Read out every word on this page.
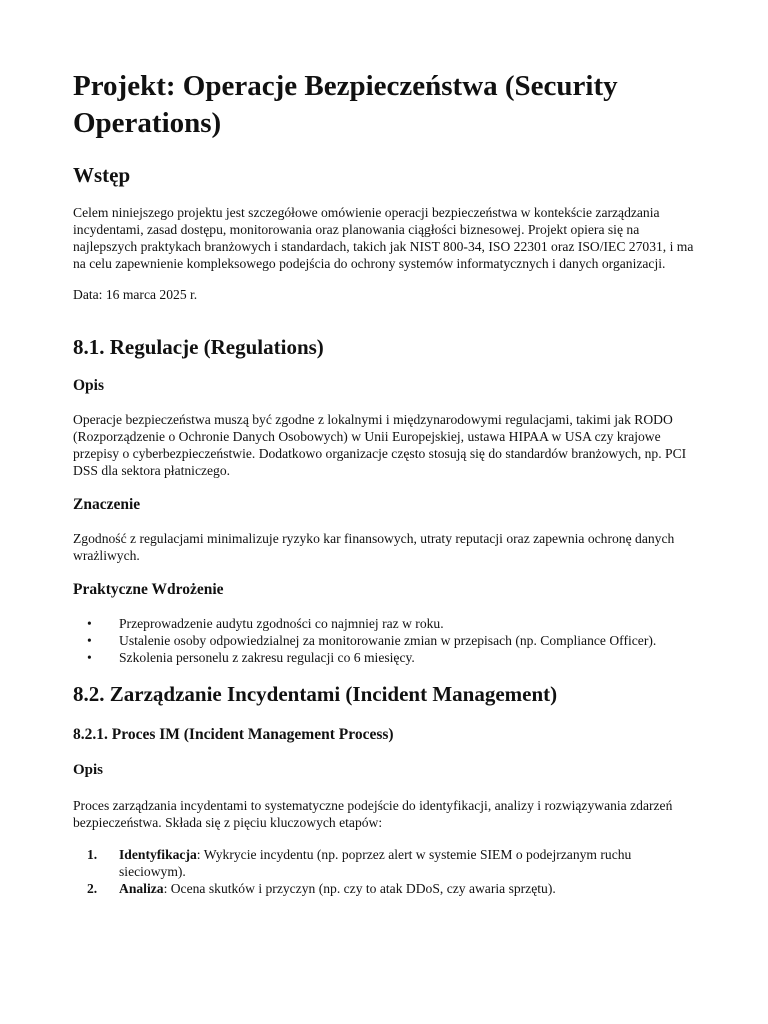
Projekt: Operacje Bezpieczeństwa (Security Operations)
Wstęp

Celem niniejszego projektu jest szczegółowe omówienie operacji bezpieczeństwa w kontekście zarządzania incydentami, zasad dostępu, monitorowania oraz planowania ciągłości biznesowej. Projekt opiera się na najlepszych praktykach branżowych i standardach, takich jak NIST 800-34, ISO 22301 oraz ISO/IEC 27031, i ma na celu zapewnienie kompleksowego podejścia do ochrony systemów informatycznych i danych organizacji.

Data: 16 marca 2025 r.

8.1. Regulacje (Regulations)
Opis

Operacje bezpieczeństwa muszą być zgodne z lokalnymi i międzynarodowymi regulacjami, takimi jak RODO (Rozporządzenie o Ochronie Danych Osobowych) w Unii Europejskiej, ustawa HIPAA w USA czy krajowe przepisy o cyberbezpieczeństwie. Dodatkowo organizacje często stosują się do standardów branżowych, np. PCI DSS dla sektora płatniczego.

Znaczenie

Zgodność z regulacjami minimalizuje ryzyko kar finansowych, utraty reputacji oraz zapewnia ochronę danych wrażliwych.

Praktyczne Wdrożenie
• Przeprowadzenie audytu zgodności co najmniej raz w roku.
• Ustalenie osoby odpowiedzialnej za monitorowanie zmian w przepisach (np. Compliance Officer).
• Szkolenia personelu z zakresu regulacji co 6 miesięcy.
8.2. Zarządzanie Incydentami (Incident Management)
8.2.1. Proces IM (Incident Management Process)
Opis

Proces zarządzania incydentami to systematyczne podejście do identyfikacji, analizy i rozwiązywania zdarzeń bezpieczeństwa. Składa się z pięciu kluczowych etapów:

1. Identyfikacja: Wykrycie incydentu (np. poprzez alert w systemie SIEM o podejrzanym ruchu sieciowym).
2. Analiza: Ocena skutków i przyczyn (np. czy to atak DDoS, czy awaria sprzętu).
